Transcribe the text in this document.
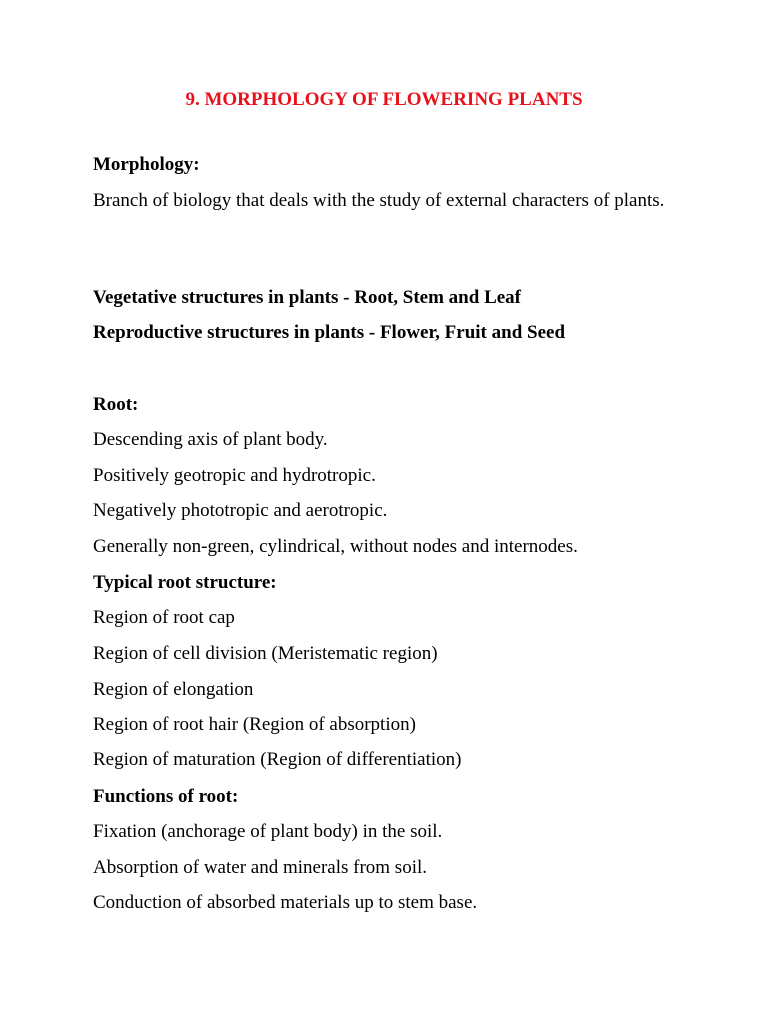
9. MORPHOLOGY OF FLOWERING PLANTS
Morphology:
Branch of biology that deals with the study of external characters of plants.
Vegetative structures in plants - Root, Stem and Leaf
Reproductive structures in plants - Flower, Fruit and Seed
Root:
Descending axis of plant body.
Positively geotropic and hydrotropic.
Negatively phototropic and aerotropic.
Generally non-green, cylindrical, without nodes and internodes.
Typical root structure:
Region of root cap
Region of cell division (Meristematic region)
Region of elongation
Region of root hair (Region of absorption)
Region of maturation (Region of differentiation)
Functions of root:
Fixation (anchorage of plant body) in the soil.
Absorption of water and minerals from soil.
Conduction of absorbed materials up to stem base.
